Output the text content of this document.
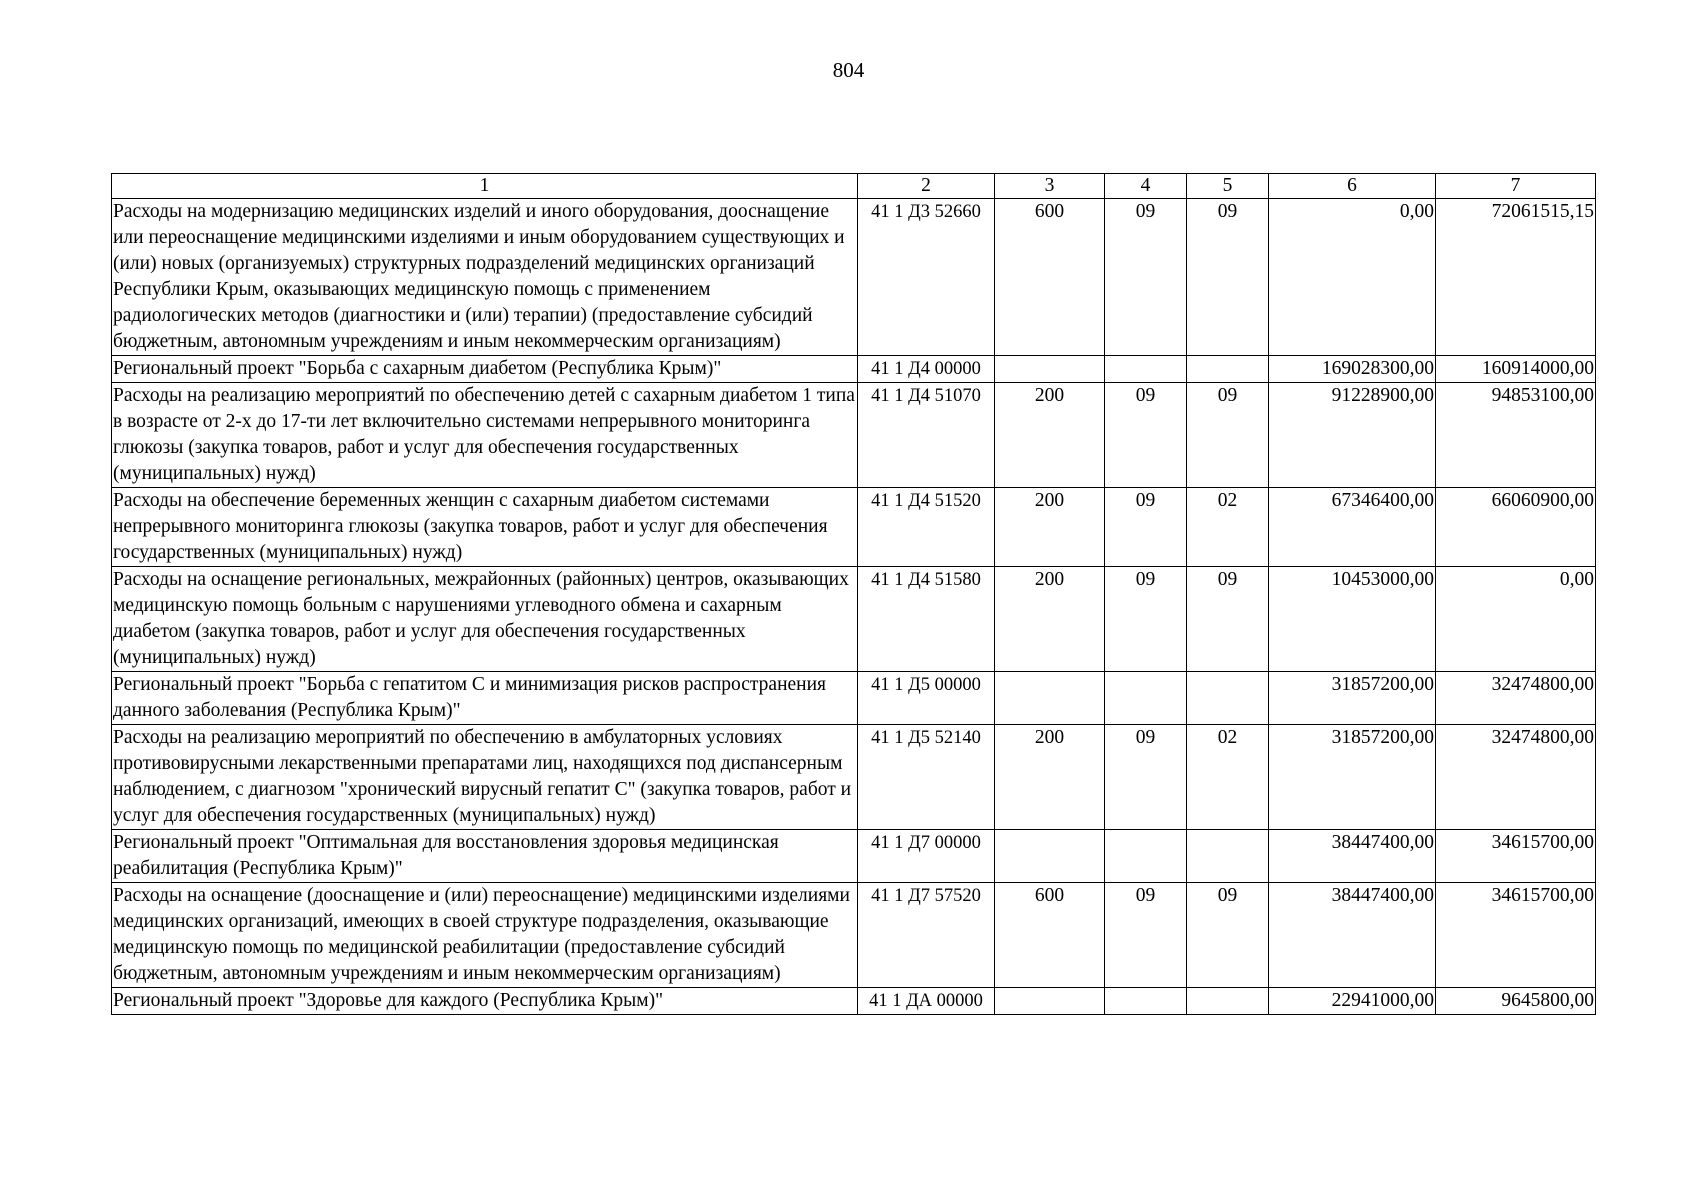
804
1	2	3	4	5	6	7
Расходы на модернизацию медицинских изделий и иного оборудования, дооснащение или переоснащение медицинскими изделиями и иным оборудованием существующих и (или) новых (организуемых) структурных подразделений медицинских организаций Республики Крым, оказывающих медицинскую помощь с применением радиологических методов (диагностики и (или) терапии) (предоставление субсидий бюджетным, автономным учреждениям и иным некоммерческим организациям)	41 1 Д3 52660	600	09	09	0,00	72061515,15
Региональный проект "Борьба с сахарным диабетом (Республика Крым)"	41 1 Д4 00000				169028300,00	160914000,00
Расходы на реализацию мероприятий по обеспечению детей с сахарным диабетом 1 типа в возрасте от 2-х до 17-ти лет включительно системами непрерывного мониторинга глюкозы (закупка товаров, работ и услуг для обеспечения государственных (муниципальных) нужд)	41 1 Д4 51070	200	09	09	91228900,00	94853100,00
Расходы на обеспечение беременных женщин с сахарным диабетом системами непрерывного мониторинга глюкозы (закупка товаров, работ и услуг для обеспечения государственных (муниципальных) нужд)	41 1 Д4 51520	200	09	02	67346400,00	66060900,00
Расходы на оснащение региональных, межрайонных (районных) центров, оказывающих медицинскую помощь больным с нарушениями углеводного обмена и сахарным диабетом (закупка товаров, работ и услуг для обеспечения государственных (муниципальных) нужд)	41 1 Д4 51580	200	09	09	10453000,00	0,00
Региональный проект "Борьба с гепатитом С и минимизация рисков распространения данного заболевания (Республика Крым)"	41 1 Д5 00000				31857200,00	32474800,00
Расходы на реализацию мероприятий по обеспечению в амбулаторных условиях противовирусными лекарственными препаратами лиц, находящихся под диспансерным наблюдением, с диагнозом "хронический вирусный гепатит С" (закупка товаров, работ и услуг для обеспечения государственных (муниципальных) нужд)	41 1 Д5 52140	200	09	02	31857200,00	32474800,00
Региональный проект "Оптимальная для восстановления здоровья медицинская реабилитация (Республика Крым)"	41 1 Д7 00000				38447400,00	34615700,00
Расходы на оснащение (дооснащение и (или) переоснащение) медицинскими изделиями медицинских организаций, имеющих в своей структуре подразделения, оказывающие медицинскую помощь по медицинской реабилитации (предоставление субсидий бюджетным, автономным учреждениям и иным некоммерческим организациям)	41 1 Д7 57520	600	09	09	38447400,00	34615700,00
Региональный проект "Здоровье для каждого (Республика Крым)"	41 1 ДА 00000				22941000,00	9645800,00
